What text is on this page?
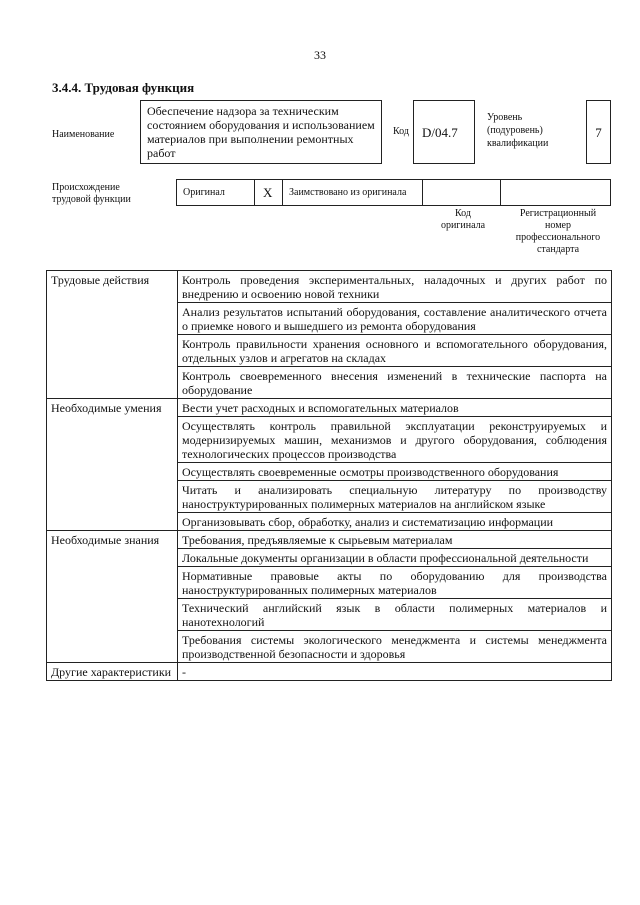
33
3.4.4. Трудовая функция
Наименование
Обеспечение надзора за техническим состоянием оборудования и использованием материалов при выполнении ремонтных работ
Код	D/04.7
Уровень
(подуровень)
квалификации
7
Происхождение
трудовой функции
Оригинал	X	Заимствовано из оригинала
Код
оригинала
Регистрационный
номер
профессионального
стандарта
Трудовые действия	Контроль проведения экспериментальных, наладочных и других работ по внедрению и освоению новой техники
	Анализ результатов испытаний оборудования, составление аналитического отчета о приемке нового и вышедшего из ремонта оборудования
	Контроль правильности хранения основного и вспомогательного оборудования, отдельных узлов и агрегатов на складах
	Контроль своевременного внесения изменений в технические паспорта на оборудование
Необходимые умения	Вести учет расходных и вспомогательных материалов
	Осуществлять контроль правильной эксплуатации реконструируемых и модернизируемых машин, механизмов и другого оборудования, соблюдения технологических процессов производства
	Осуществлять своевременные осмотры производственного оборудования
	Читать и анализировать специальную литературу по производству наноструктурированных полимерных материалов на английском языке
	Организовывать сбор, обработку, анализ и систематизацию информации
Необходимые знания	Требования, предъявляемые к сырьевым материалам
	Локальные документы организации в области профессиональной деятельности
	Нормативные правовые акты по оборудованию для производства наноструктурированных полимерных материалов
	Технический английский язык в области полимерных материалов и нанотехнологий
	Требования системы экологического менеджмента и системы менеджмента производственной безопасности и здоровья
Другие характеристики	-
